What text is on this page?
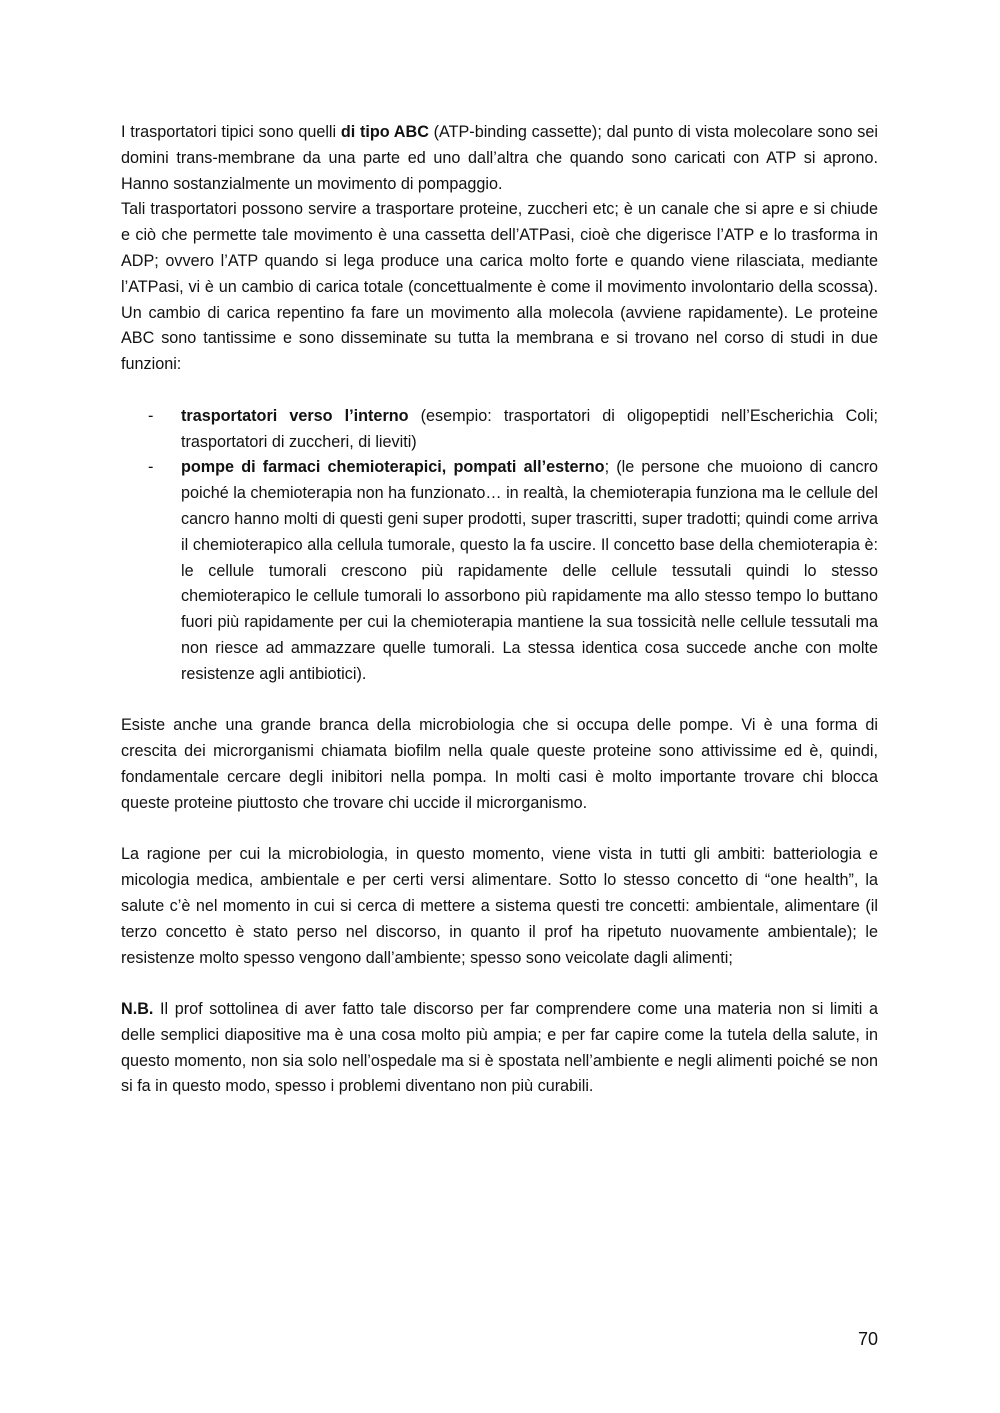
I trasportatori tipici sono quelli di tipo ABC (ATP-binding cassette); dal punto di vista molecolare sono sei domini trans-membrane da una parte ed uno dall’altra che quando sono caricati con ATP si aprono. Hanno sostanzialmente un movimento di pompaggio.

Tali trasportatori possono servire a trasportare proteine, zuccheri etc; è un canale che si apre e si chiude e ciò che permette tale movimento è una cassetta dell’ATPasi, cioè che digerisce l’ATP e lo trasforma in ADP; ovvero l’ATP quando si lega produce una carica molto forte e quando viene rilasciata, mediante l’ATPasi, vi è un cambio di carica totale (concettualmente è come il movimento involontario della scossa). Un cambio di carica repentino fa fare un movimento alla molecola (avviene rapidamente). Le proteine ABC sono tantissime e sono disseminate su tutta la membrana e si trovano nel corso di studi in due funzioni:

- trasportatori verso l’interno (esempio: trasportatori di oligopeptidi nell’Escherichia Coli; trasportatori di zuccheri, di lieviti)
- pompe di farmaci chemioterapici, pompati all’esterno; (le persone che muoiono di cancro poiché la chemioterapia non ha funzionato… in realtà, la chemioterapia funziona ma le cellule del cancro hanno molti di questi geni super prodotti, super trascritti, super tradotti; quindi come arriva il chemioterapico alla cellula tumorale, questo la fa uscire. Il concetto base della chemioterapia è: le cellule tumorali crescono più rapidamente delle cellule tessutali quindi lo stesso chemioterapico le cellule tumorali lo assorbono più rapidamente ma allo stesso tempo lo buttano fuori più rapidamente per cui la chemioterapia mantiene la sua tossicità nelle cellule tessutali ma non riesce ad ammazzare quelle tumorali. La stessa identica cosa succede anche con molte resistenze agli antibiotici).

Esiste anche una grande branca della microbiologia che si occupa delle pompe. Vi è una forma di crescita dei microrganismi chiamata biofilm nella quale queste proteine sono attivissime ed è, quindi, fondamentale cercare degli inibitori nella pompa. In molti casi è molto importante trovare chi blocca queste proteine piuttosto che trovare chi uccide il microrganismo.

La ragione per cui la microbiologia, in questo momento, viene vista in tutti gli ambiti: batteriologia e micologia medica, ambientale e per certi versi alimentare. Sotto lo stesso concetto di “one health”, la salute c’è nel momento in cui si cerca di mettere a sistema questi tre concetti: ambientale, alimentare (il terzo concetto è stato perso nel discorso, in quanto il prof ha ripetuto nuovamente ambientale); le resistenze molto spesso vengono dall’ambiente; spesso sono veicolate dagli alimenti;

N.B. Il prof sottolinea di aver fatto tale discorso per far comprendere come una materia non si limiti a delle semplici diapositive ma è una cosa molto più ampia; e per far capire come la tutela della salute, in questo momento, non sia solo nell’ospedale ma si è spostata nell’ambiente e negli alimenti poiché se non si fa in questo modo, spesso i problemi diventano non più curabili.

70
